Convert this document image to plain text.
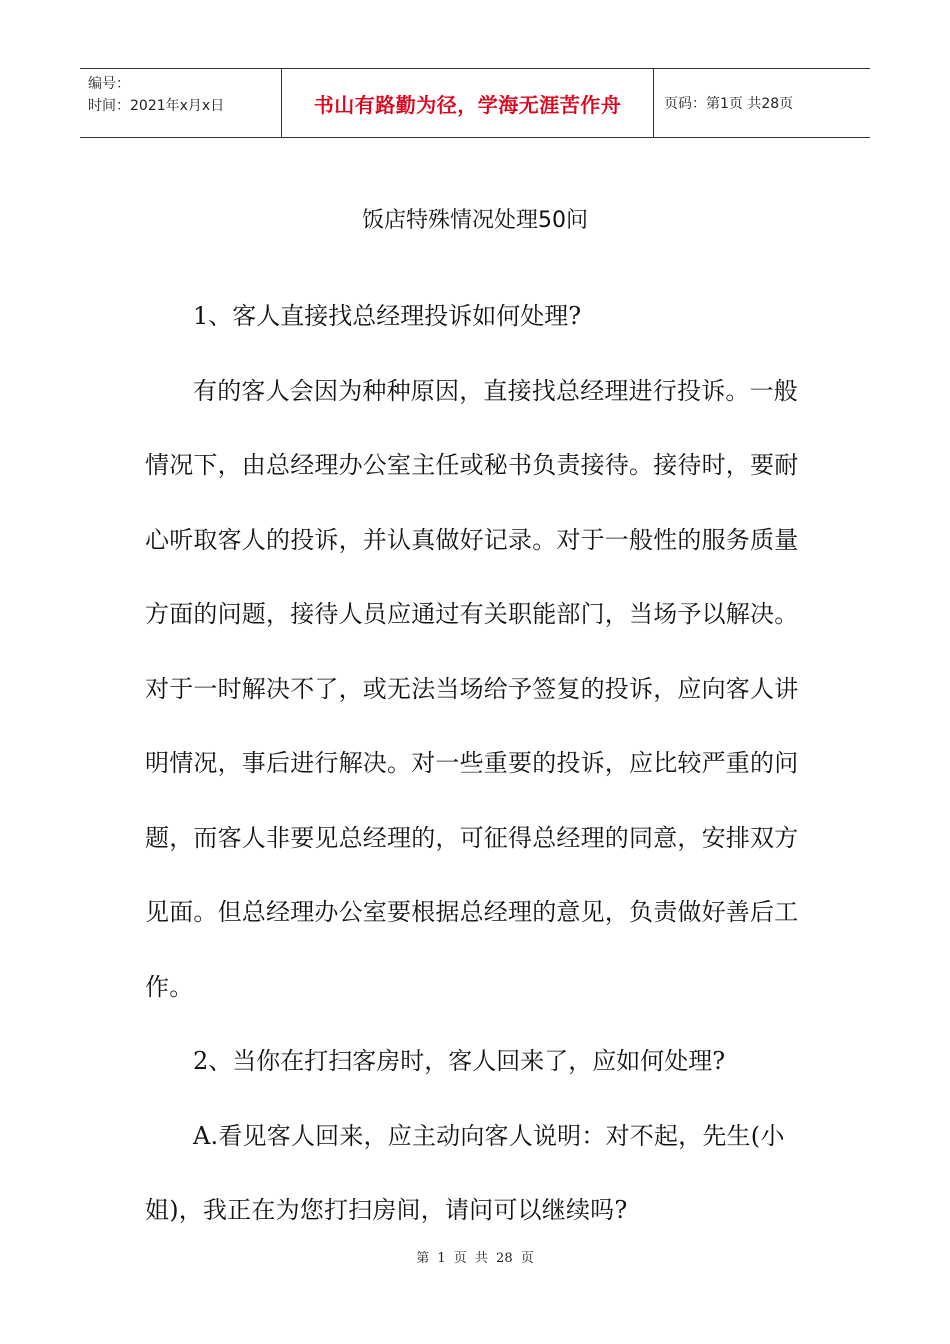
编号：
时间：2021年x月x日	书山有路勤为径，学海无涯苦作舟	页码：第1页 共28页
饭店特殊情况处理50问

1、客人直接找总经理投诉如何处理?

有的客人会因为种种原因，直接找总经理进行投诉。一般情况下，由总经理办公室主任或秘书负责接待。接待时，要耐心听取客人的投诉，并认真做好记录。对于一般性的服务质量方面的问题，接待人员应通过有关职能部门，当场予以解决。对于一时解决不了，或无法当场给予签复的投诉，应向客人讲明情况，事后进行解决。对一些重要的投诉，应比较严重的问题，而客人非要见总经理的，可征得总经理的同意，安排双方见面。但总经理办公室要根据总经理的意见，负责做好善后工作。

2、当你在打扫客房时，客人回来了，应如何处理?

A.看见客人回来，应主动向客人说明：对不起，先生(小姐)，我正在为您打扫房间，请问可以继续吗?

第 1 页 共 28 页
